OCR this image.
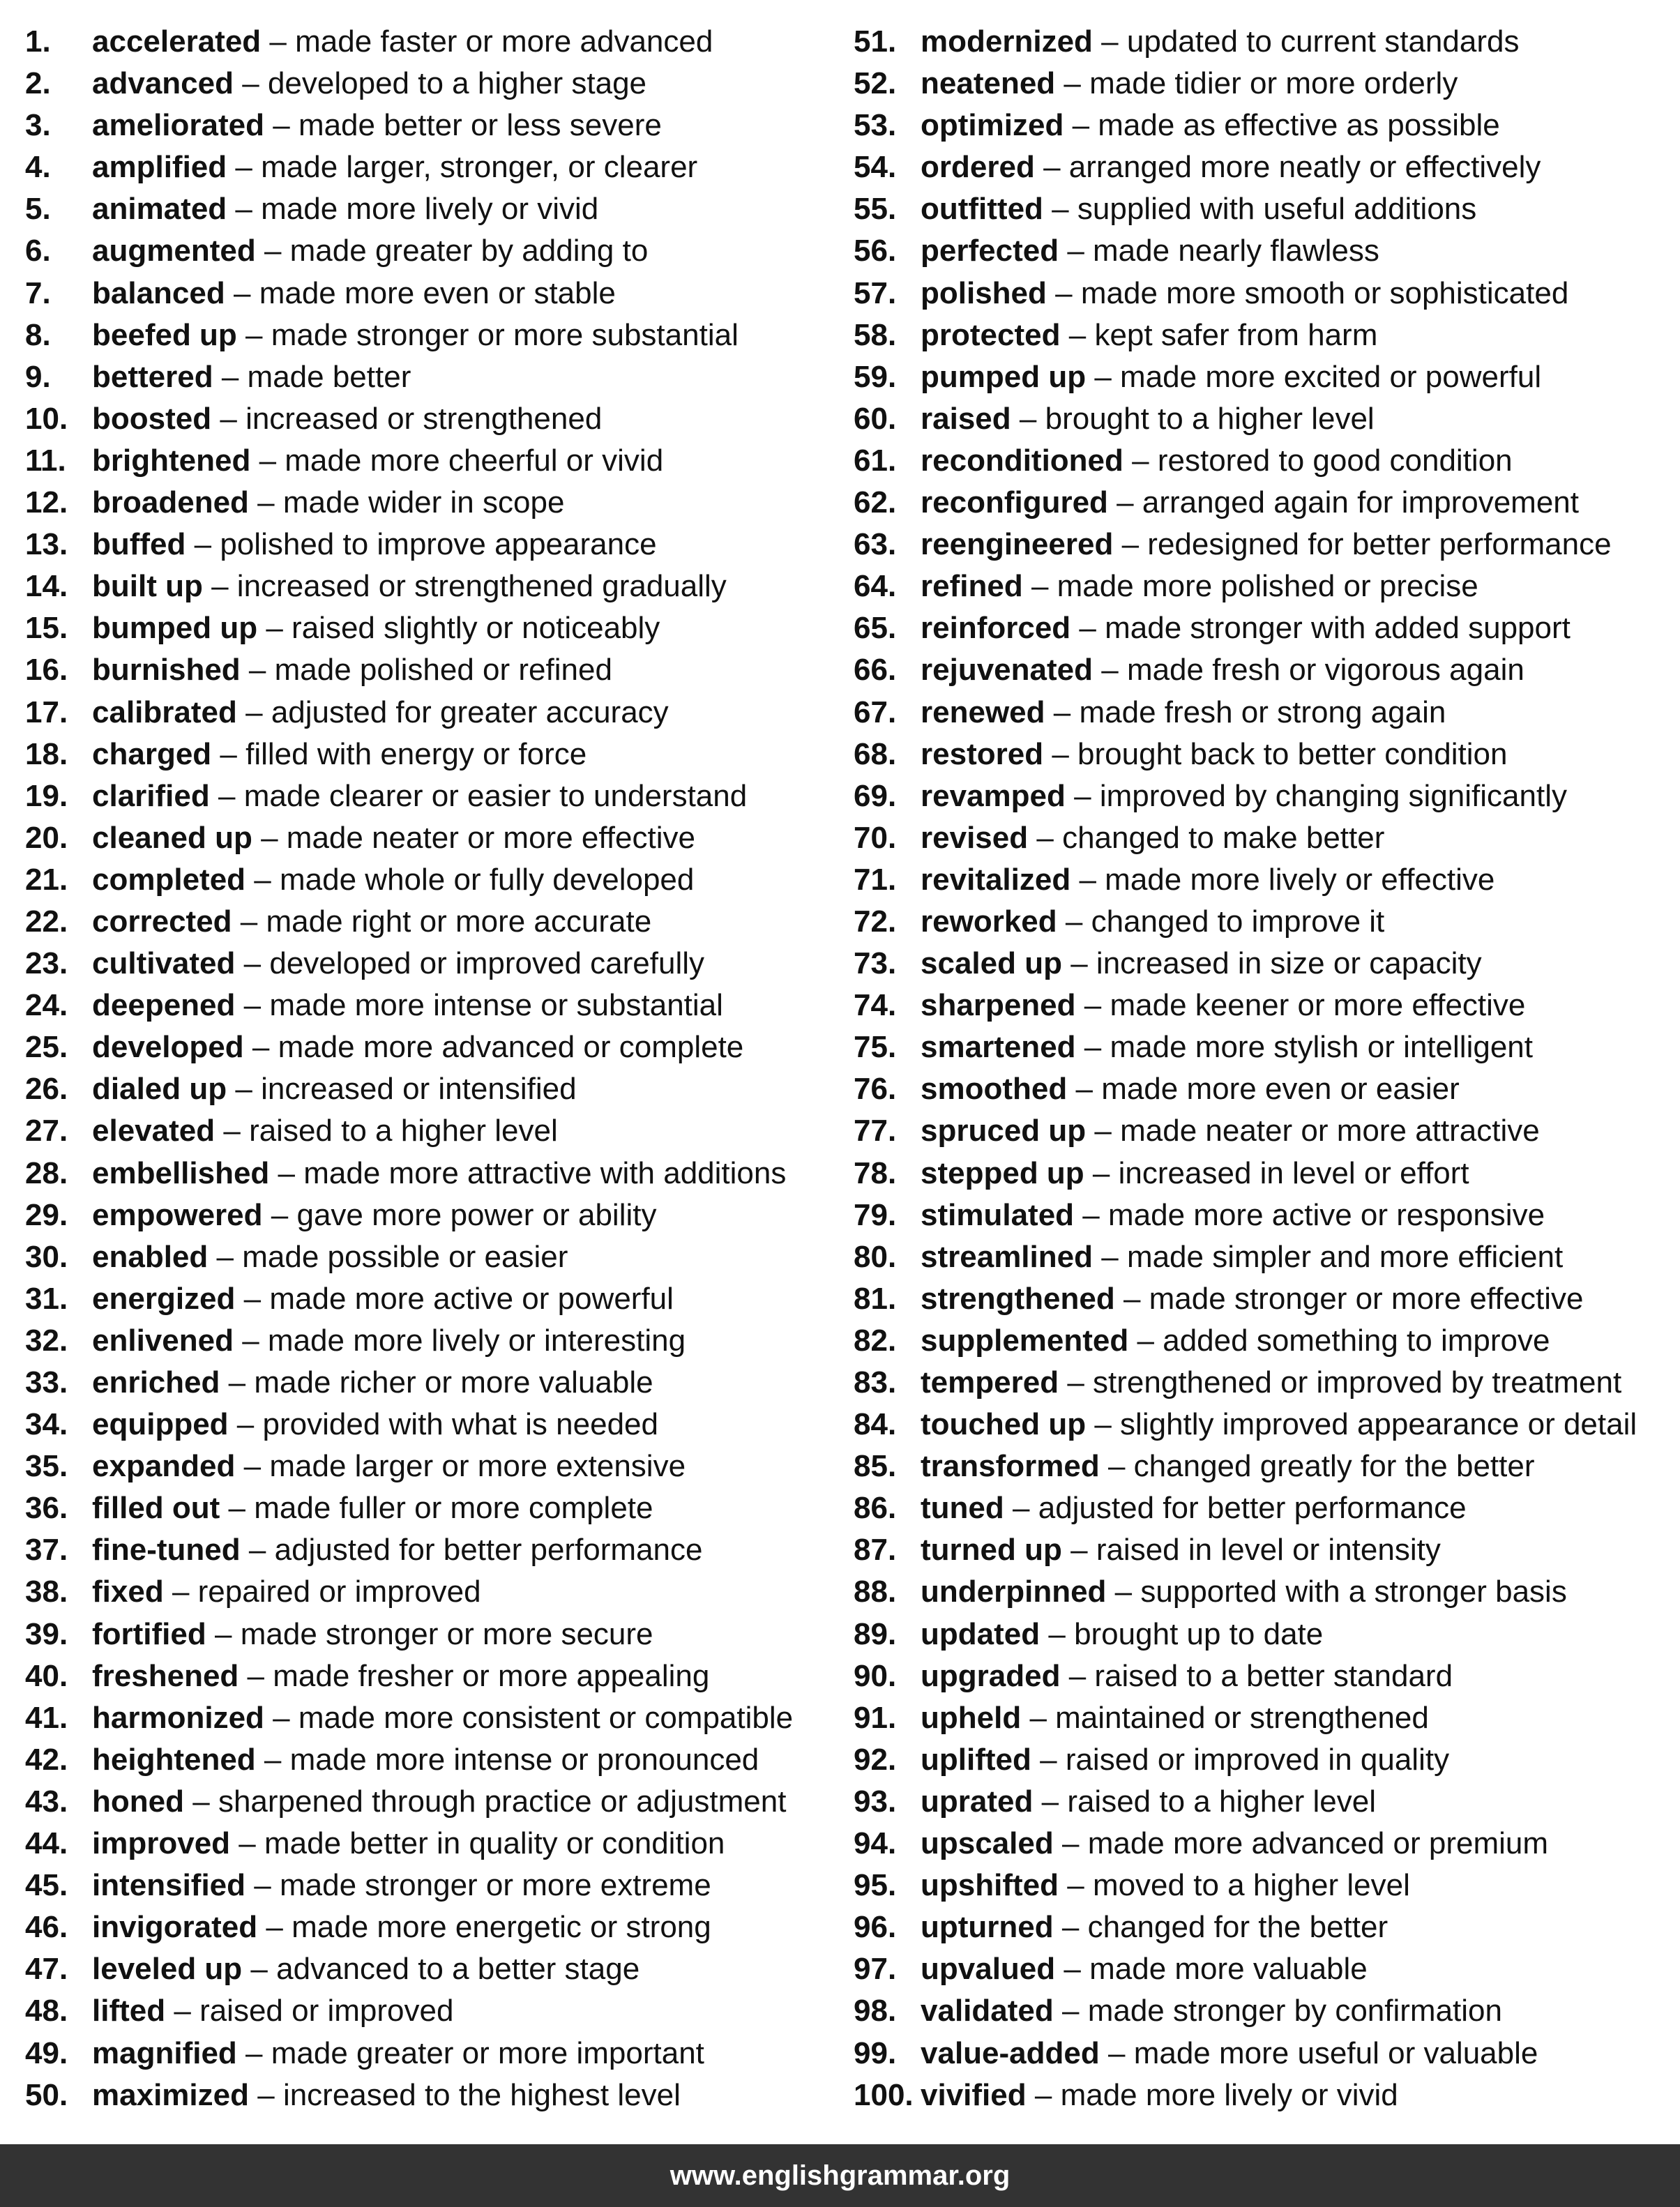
1. accelerated – made faster or more advanced
2. advanced – developed to a higher stage
3. ameliorated – made better or less severe
4. amplified – made larger, stronger, or clearer
5. animated – made more lively or vivid
6. augmented – made greater by adding to
7. balanced – made more even or stable
8. beefed up – made stronger or more substantial
9. bettered – made better
10. boosted – increased or strengthened
11. brightened – made more cheerful or vivid
12. broadened – made wider in scope
13. buffed – polished to improve appearance
14. built up – increased or strengthened gradually
15. bumped up – raised slightly or noticeably
16. burnished – made polished or refined
17. calibrated – adjusted for greater accuracy
18. charged – filled with energy or force
19. clarified – made clearer or easier to understand
20. cleaned up – made neater or more effective
21. completed – made whole or fully developed
22. corrected – made right or more accurate
23. cultivated – developed or improved carefully
24. deepened – made more intense or substantial
25. developed – made more advanced or complete
26. dialed up – increased or intensified
27. elevated – raised to a higher level
28. embellished – made more attractive with additions
29. empowered – gave more power or ability
30. enabled – made possible or easier
31. energized – made more active or powerful
32. enlivened – made more lively or interesting
33. enriched – made richer or more valuable
34. equipped – provided with what is needed
35. expanded – made larger or more extensive
36. filled out – made fuller or more complete
37. fine-tuned – adjusted for better performance
38. fixed – repaired or improved
39. fortified – made stronger or more secure
40. freshened – made fresher or more appealing
41. harmonized – made more consistent or compatible
42. heightened – made more intense or pronounced
43. honed – sharpened through practice or adjustment
44. improved – made better in quality or condition
45. intensified – made stronger or more extreme
46. invigorated – made more energetic or strong
47. leveled up – advanced to a better stage
48. lifted – raised or improved
49. magnified – made greater or more important
50. maximized – increased to the highest level
51. modernized – updated to current standards
52. neatened – made tidier or more orderly
53. optimized – made as effective as possible
54. ordered – arranged more neatly or effectively
55. outfitted – supplied with useful additions
56. perfected – made nearly flawless
57. polished – made more smooth or sophisticated
58. protected – kept safer from harm
59. pumped up – made more excited or powerful
60. raised – brought to a higher level
61. reconditioned – restored to good condition
62. reconfigured – arranged again for improvement
63. reengineered – redesigned for better performance
64. refined – made more polished or precise
65. reinforced – made stronger with added support
66. rejuvenated – made fresh or vigorous again
67. renewed – made fresh or strong again
68. restored – brought back to better condition
69. revamped – improved by changing significantly
70. revised – changed to make better
71. revitalized – made more lively or effective
72. reworked – changed to improve it
73. scaled up – increased in size or capacity
74. sharpened – made keener or more effective
75. smartened – made more stylish or intelligent
76. smoothed – made more even or easier
77. spruced up – made neater or more attractive
78. stepped up – increased in level or effort
79. stimulated – made more active or responsive
80. streamlined – made simpler and more efficient
81. strengthened – made stronger or more effective
82. supplemented – added something to improve
83. tempered – strengthened or improved by treatment
84. touched up – slightly improved appearance or detail
85. transformed – changed greatly for the better
86. tuned – adjusted for better performance
87. turned up – raised in level or intensity
88. underpinned – supported with a stronger basis
89. updated – brought up to date
90. upgraded – raised to a better standard
91. upheld – maintained or strengthened
92. uplifted – raised or improved in quality
93. uprated – raised to a higher level
94. upscaled – made more advanced or premium
95. upshifted – moved to a higher level
96. upturned – changed for the better
97. upvalued – made more valuable
98. validated – made stronger by confirmation
99. value-added – made more useful or valuable
100. vivified – made more lively or vivid
www.englishgrammar.org
